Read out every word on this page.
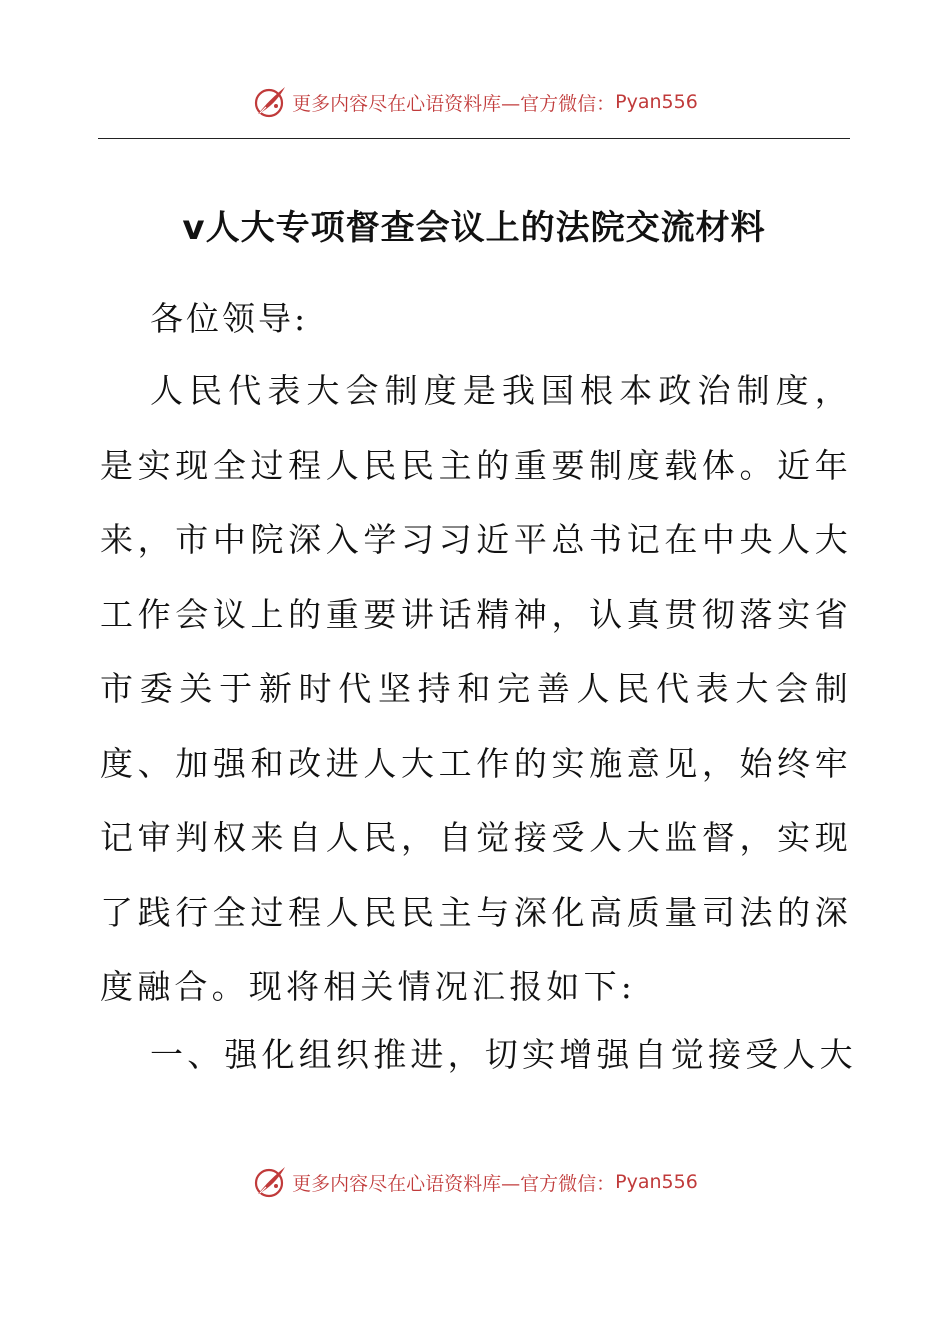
更多内容尽在心语资料库—官方微信： Pyan556
v人大专项督查会议上的法院交流材料
各位领导:
人民代表大会制度是我国根本政治制度，是实现全过程人民民主的重要制度载体。近年来，市中院深入学习习近平总书记在中央人大工作会议上的重要讲话精神，认真贯彻落实省市委关于新时代坚持和完善人民代表大会制度、加强和改进人大工作的实施意见，始终牢记审判权来自人民，自觉接受人大监督，实现了践行全过程人民民主与深化高质量司法的深度融合。现将相关情况汇报如下:
一、强化组织推进，切实增强自觉接受人大
更多内容尽在心语资料库—官方微信： Pyan556
